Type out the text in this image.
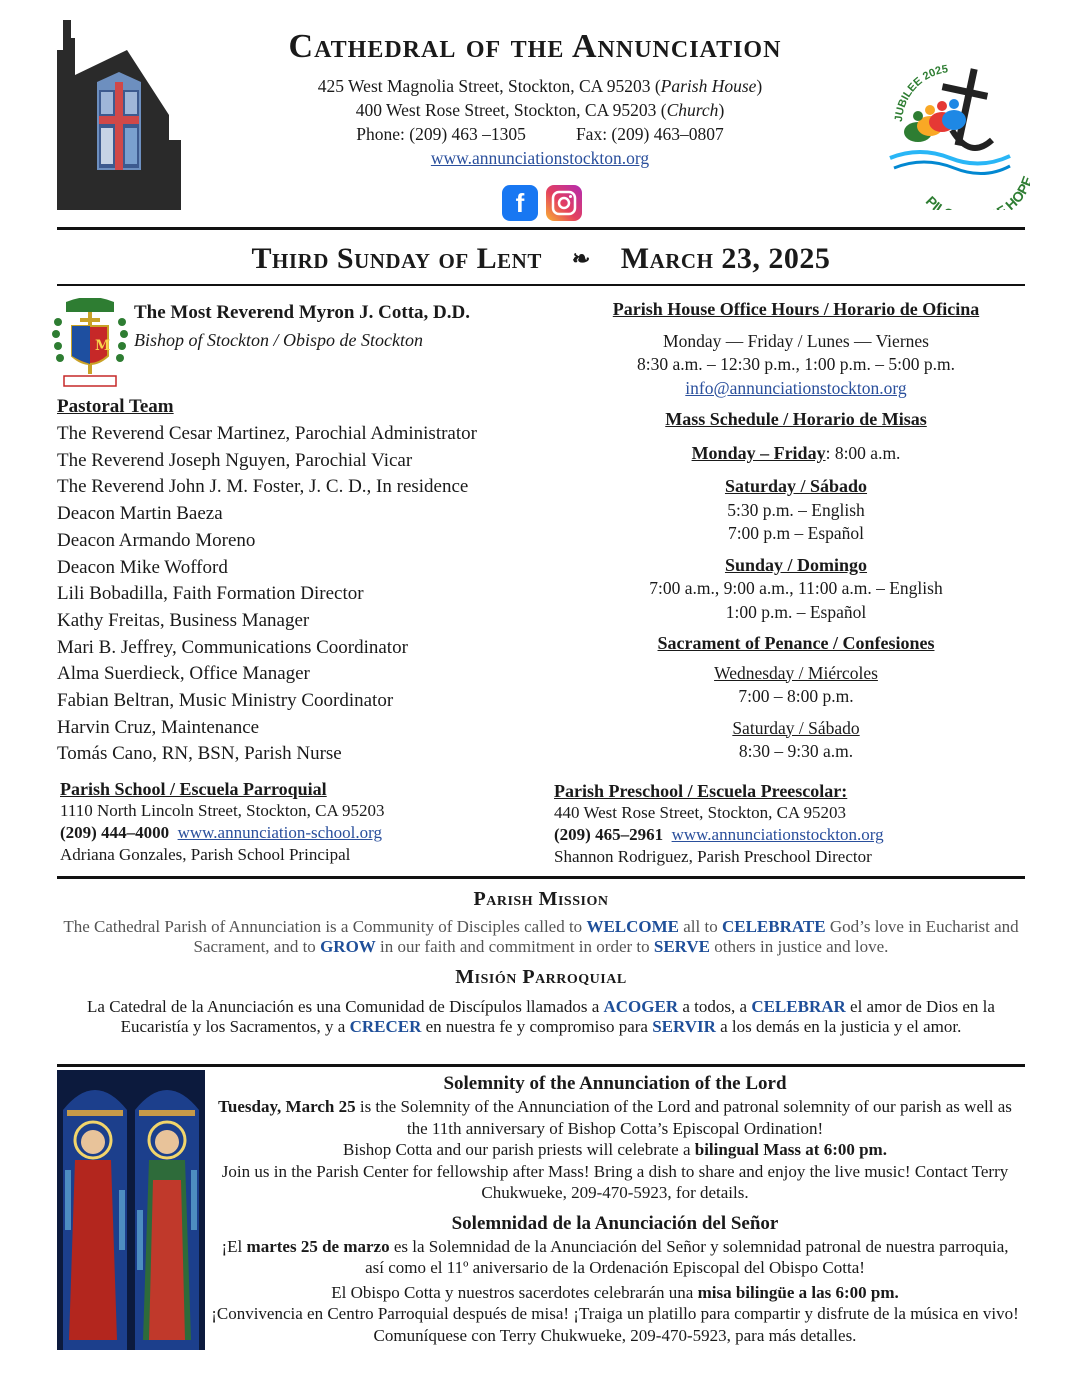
Cathedral of the Annunciation
425 West Magnolia Street, Stockton, CA 95203 (Parish House)
400 West Rose Street, Stockton, CA 95203 (Church)
Phone: (209) 463 –1305	Fax: (209) 463–0807
www.annunciationstockton.org
f
JUBILEE 2025
PIL HO
Third Sunday of Lent ❧ March 23, 2025
M
The Most Reverend Myron J. Cotta, D.D.
Bishop of Stockton / Obispo de Stockton
Pastoral Team
The Reverend Cesar Martinez, Parochial Administrator
The Reverend Joseph Nguyen, Parochial Vicar
The Reverend John J. M. Foster, J. C. D., In residence
Deacon Martin Baeza
Deacon Armando Moreno
Deacon Mike Wofford
Lili Bobadilla, Faith Formation Director
Kathy Freitas, Business Manager
Mari B. Jeffrey, Communications Coordinator
Alma Suerdieck, Office Manager
Fabian Beltran, Music Ministry Coordinator
Harvin Cruz, Maintenance
Tomás Cano, RN, BSN, Parish Nurse
Parish House Office Hours / Horario de Oficina
Monday — Friday / Lunes — Viernes
8:30 a.m. – 12:30 p.m., 1:00 p.m. – 5:00 p.m.
info@annunciationstockton.org
Mass Schedule / Horario de Misas
Monday – Friday: 8:00 a.m.
Saturday / Sábado
5:30 p.m. – English
7:00 p.m – Español
Sunday / Domingo
7:00 a.m., 9:00 a.m., 11:00 a.m. – English
1:00 p.m. – Español
Sacrament of Penance / Confesiones
Wednesday / Miércoles
7:00 – 8:00 p.m.
Saturday / Sábado
8:30 – 9:30 a.m.
Parish School / Escuela Parroquial
1110 North Lincoln Street, Stockton, CA 95203
(209) 444–4000 www.annunciation-school.org
Adriana Gonzales, Parish School Principal
Parish Preschool / Escuela Preescolar:
440 West Rose Street, Stockton, CA 95203
(209) 465–2961 www.annunciationstockton.org
Shannon Rodriguez, Parish Preschool Director
Parish Mission
The Cathedral Parish of Annunciation is a Community of Disciples called to WELCOME all to CELEBRATE God’s love in Eucharist and Sacrament, and to GROW in our faith and commitment in order to SERVE others in justice and love.
Misión Parroquial
La Catedral de la Anunciación es una Comunidad de Discípulos llamados a ACOGER a todos, a CELEBRAR el amor de Dios en la Eucaristía y los Sacramentos, y a CRECER en nuestra fe y compromiso para SERVIR a los demás en la justicia y el amor.
Solemnity of the Annunciation of the Lord
Tuesday, March 25 is the Solemnity of the Annunciation of the Lord and patronal solemnity of our parish as well as the 11th anniversary of Bishop Cotta’s Episcopal Ordination!
Bishop Cotta and our parish priests will celebrate a bilingual Mass at 6:00 pm.
Join us in the Parish Center for fellowship after Mass! Bring a dish to share and enjoy the live music! Contact Terry Chukwueke, 209-470-5923, for details.
Solemnidad de la Anunciación del Señor
¡El martes 25 de marzo es la Solemnidad de la Anunciación del Señor y solemnidad patronal de nuestra parroquia, así como el 11º aniversario de la Ordenación Episcopal del Obispo Cotta!
El Obispo Cotta y nuestros sacerdotes celebrarán una misa bilingüe a las 6:00 pm.
¡Convivencia en Centro Parroquial después de misa! ¡Traiga un platillo para compartir y disfrute de la música en vivo! Comuníquese con Terry Chukwueke, 209-470-5923, para más detalles.
